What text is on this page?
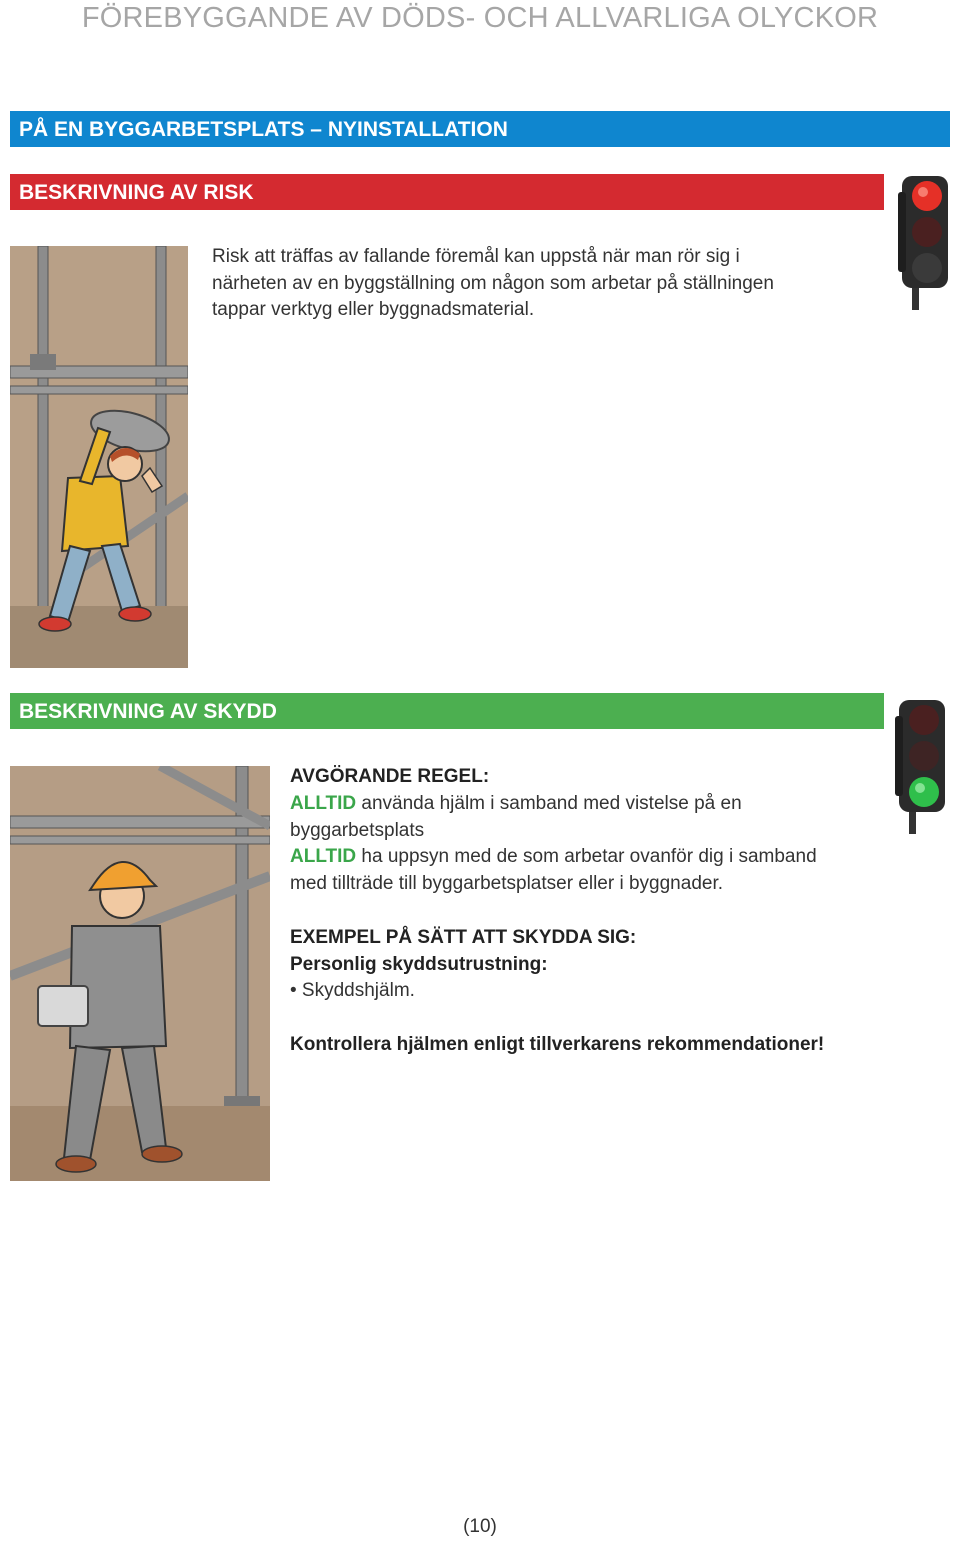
FÖREBYGGANDE AV DÖDS- OCH ALLVARLIGA OLYCKOR
PÅ EN BYGGARBETSPLATS – NYINSTALLATION
BESKRIVNING AV RISK
Risk att träffas av fallande föremål kan uppstå när man rör sig i
närheten av en byggställning om någon som arbetar på ställningen
tappar verktyg eller byggnadsmaterial.
BESKRIVNING AV SKYDD
AVGÖRANDE REGEL:
ALLTID använda hjälm i samband med vistelse på en
byggarbetsplats
ALLTID ha uppsyn med de som arbetar ovanför dig i samband
med tillträde till byggarbetsplatser eller i byggnader.
EXEMPEL PÅ SÄTT ATT SKYDDA SIG:
Personlig skyddsutrustning:
• Skyddshjälm.
Kontrollera hjälmen enligt tillverkarens rekommendationer!
(10)
